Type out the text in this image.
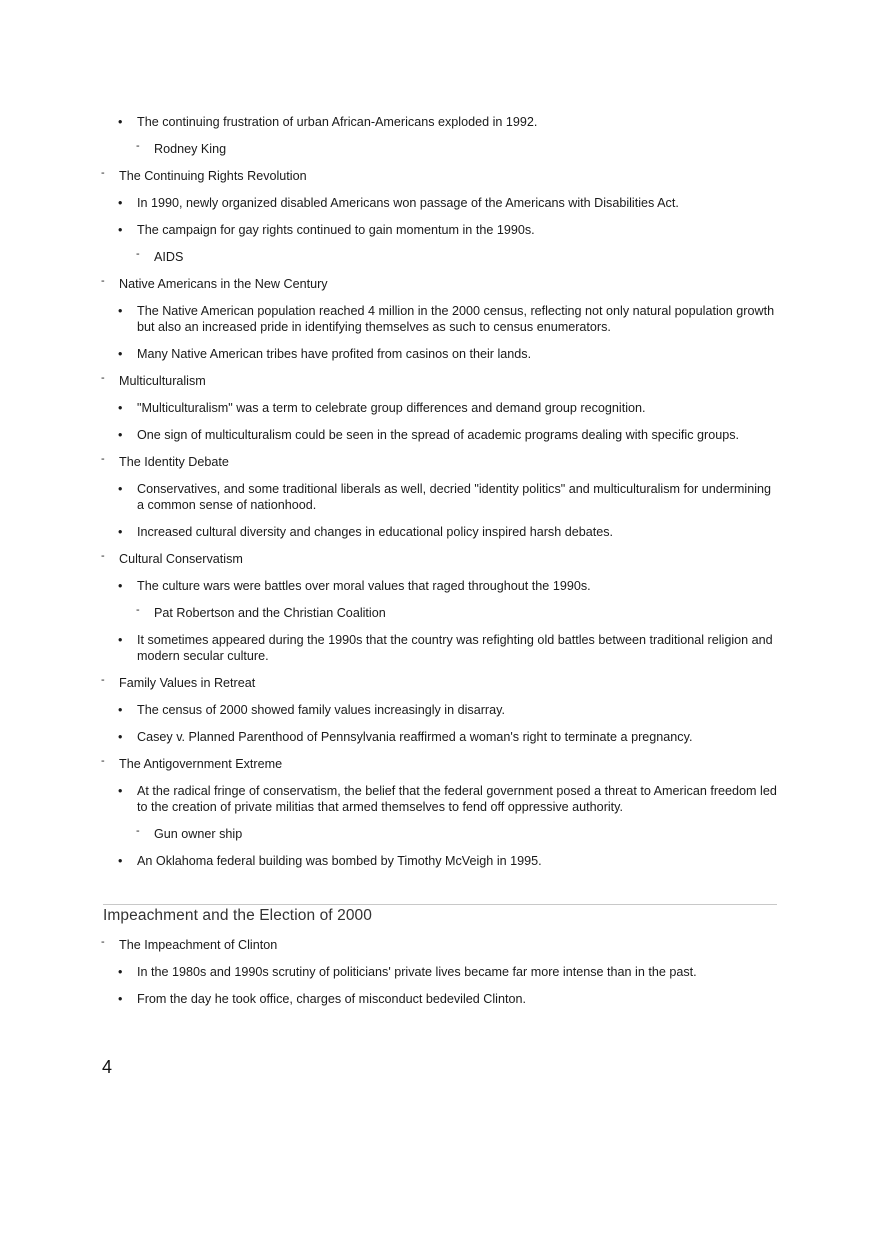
• The continuing frustration of urban African-Americans exploded in 1992.
- Rodney King
- The Continuing Rights Revolution
• In 1990, newly organized disabled Americans won passage of the Americans with Disabilities Act.
• The campaign for gay rights continued to gain momentum in the 1990s.
- AIDS
- Native Americans in the New Century
• The Native American population reached 4 million in the 2000 census, reflecting not only natural population growth but also an increased pride in identifying themselves as such to census enumerators.
• Many Native American tribes have profited from casinos on their lands.
- Multiculturalism
• "Multiculturalism" was a term to celebrate group differences and demand group recognition.
• One sign of multiculturalism could be seen in the spread of academic programs dealing with specific groups.
- The Identity Debate
• Conservatives, and some traditional liberals as well, decried "identity politics" and multiculturalism for undermining a common sense of nationhood.
• Increased cultural diversity and changes in educational policy inspired harsh debates.
- Cultural Conservatism
• The culture wars were battles over moral values that raged throughout the 1990s.
- Pat Robertson and the Christian Coalition
• It sometimes appeared during the 1990s that the country was refighting old battles between traditional religion and modern secular culture.
- Family Values in Retreat
• The census of 2000 showed family values increasingly in disarray.
• Casey v. Planned Parenthood of Pennsylvania reaffirmed a woman's right to terminate a pregnancy.
- The Antigovernment Extreme
• At the radical fringe of conservatism, the belief that the federal government posed a threat to American freedom led to the creation of private militias that armed themselves to fend off oppressive authority.
- Gun owner ship
• An Oklahoma federal building was bombed by Timothy McVeigh in 1995.
Impeachment and the Election of 2000
- The Impeachment of Clinton
• In the 1980s and 1990s scrutiny of politicians' private lives became far more intense than in the past.
• From the day he took office, charges of misconduct bedeviled Clinton.
4
